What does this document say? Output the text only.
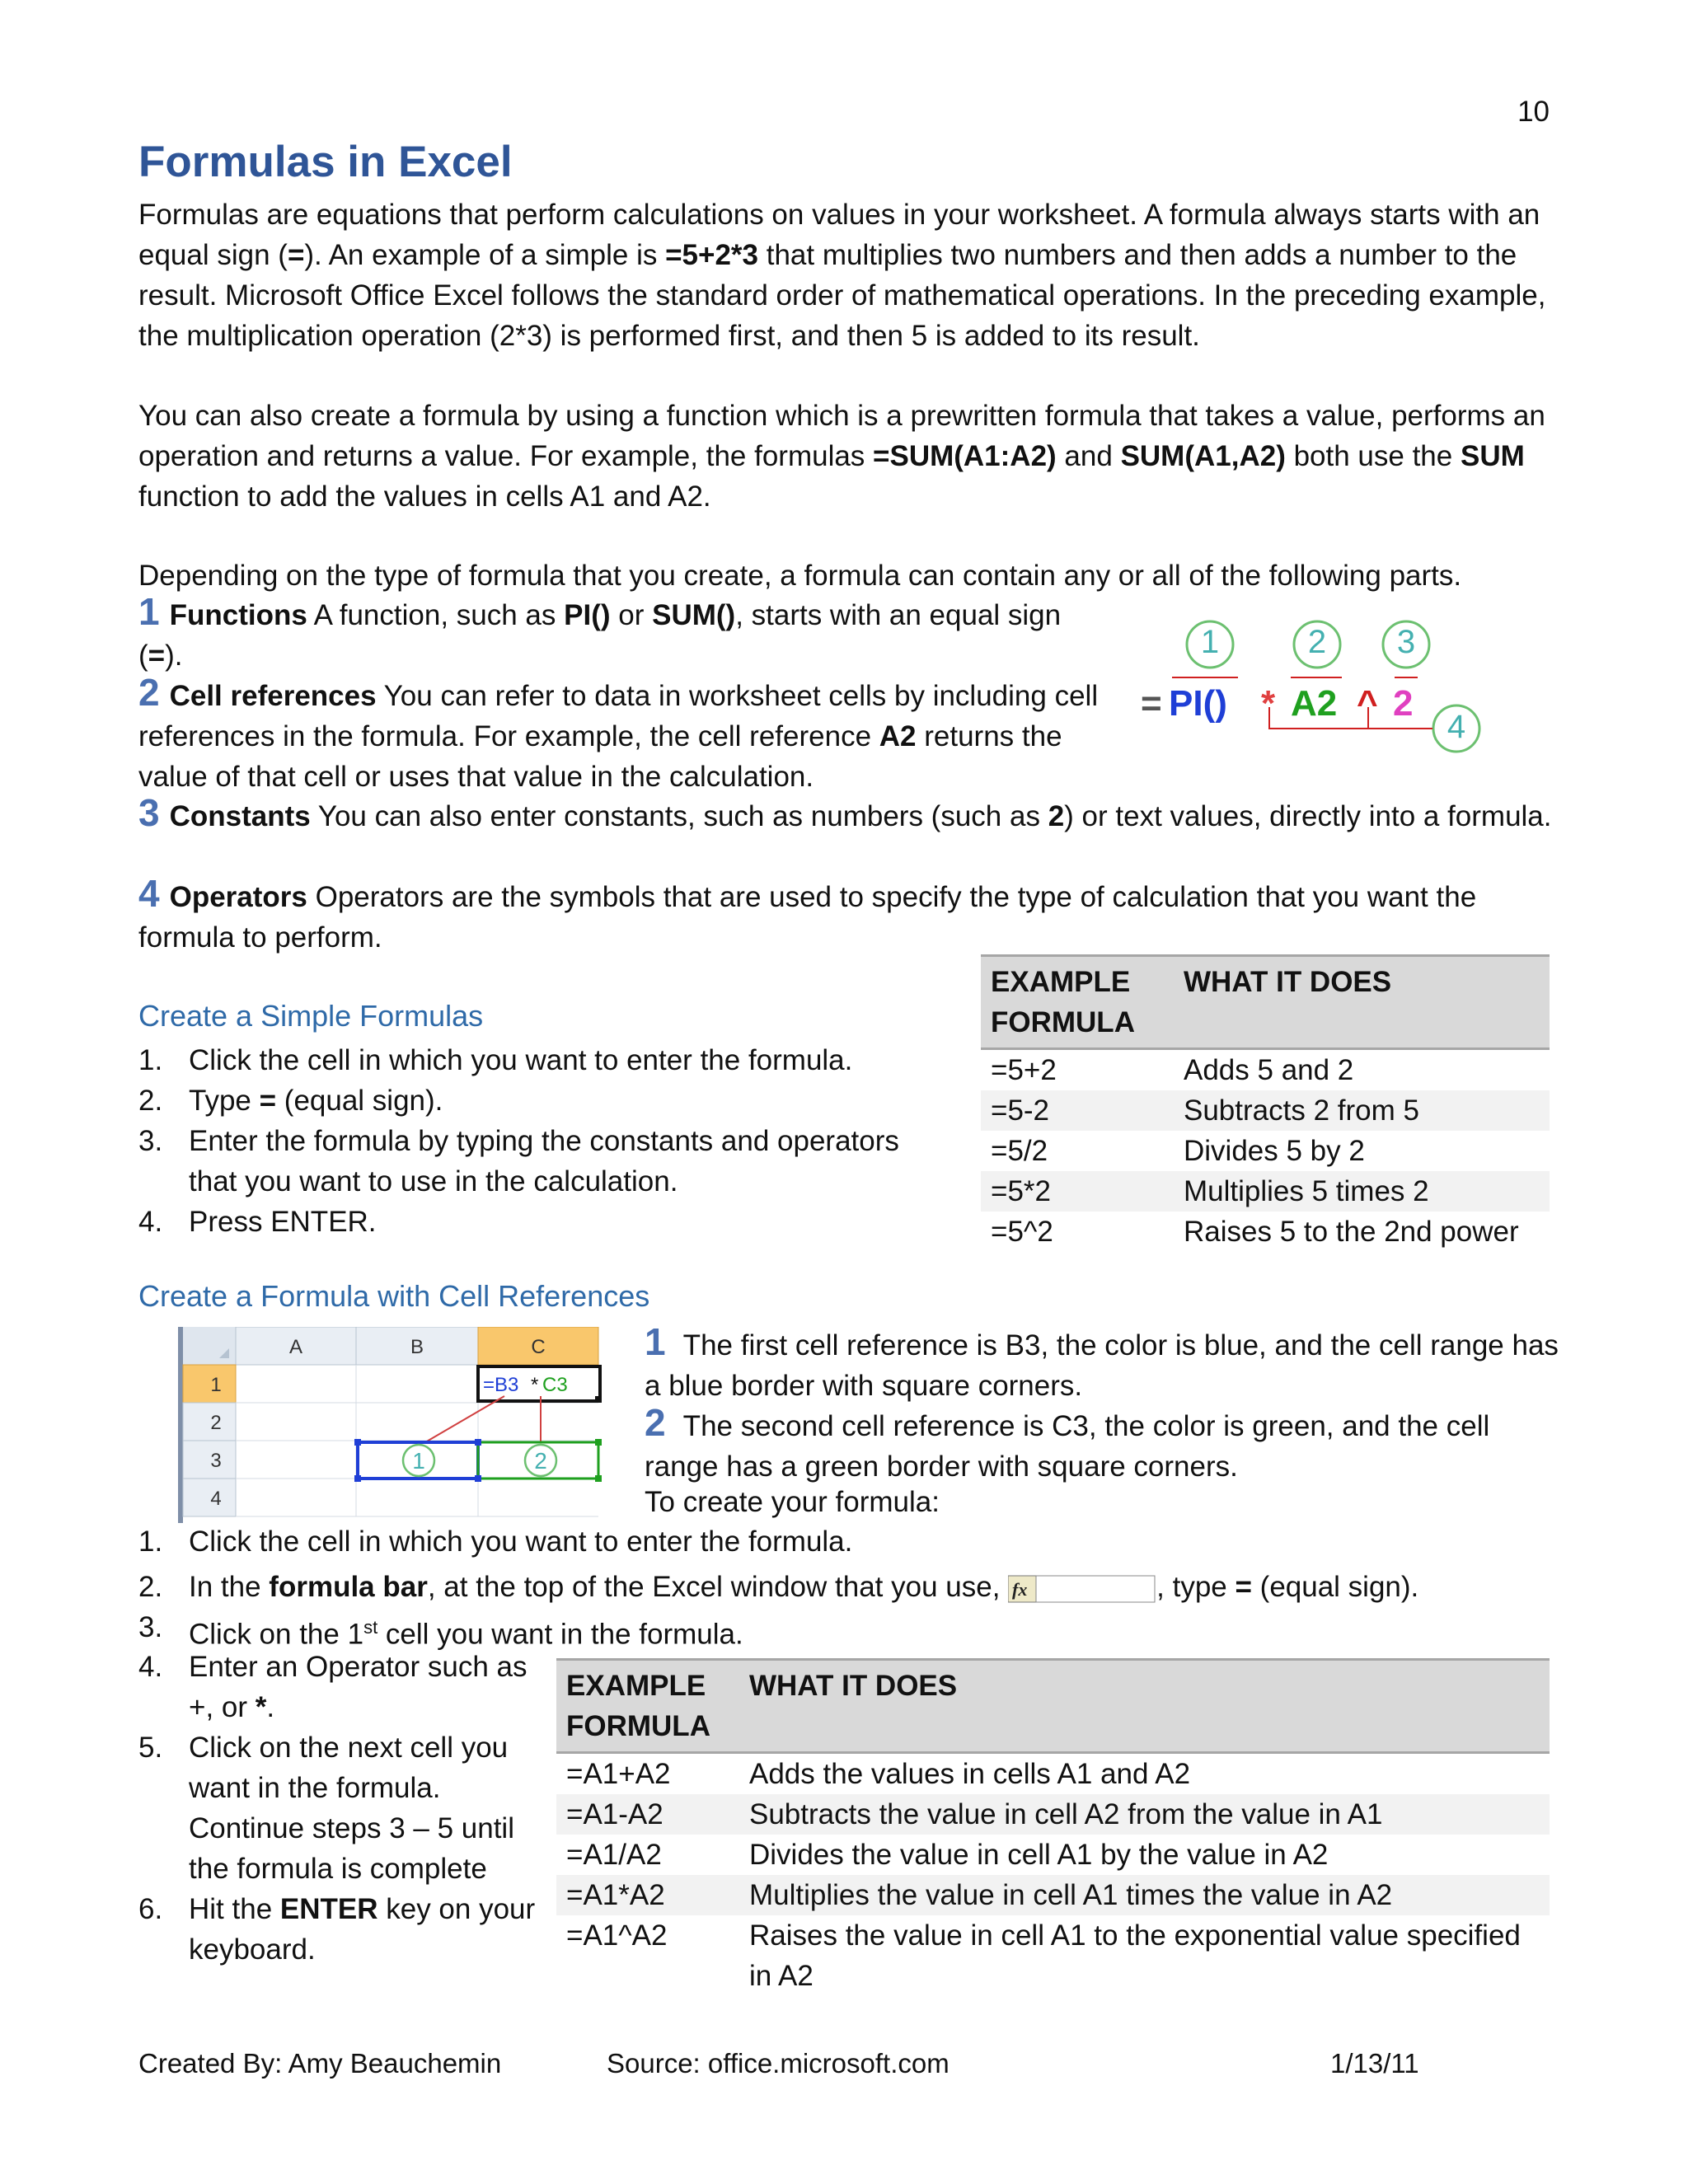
10
Formulas in Excel
Formulas are equations that perform calculations on values in your worksheet. A formula always starts with an equal sign (=). An example of a simple is =5+2*3 that multiplies two numbers and then adds a number to the result. Microsoft Office Excel follows the standard order of mathematical operations. In the preceding example, the multiplication operation (2*3) is performed first, and then 5 is added to its result.
You can also create a formula by using a function which is a prewritten formula that takes a value, performs an operation and returns a value. For example, the formulas =SUM(A1:A2) and SUM(A1,A2) both use the SUM function to add the values in cells A1 and A2.
Depending on the type of formula that you create, a formula can contain any or all of the following parts.
1 Functions A function, such as PI() or SUM(), starts with an equal sign (=).
2 Cell references You can refer to data in worksheet cells by including cell references in the formula. For example, the cell reference A2 returns the value of that cell or uses that value in the calculation.
3 Constants You can also enter constants, such as numbers (such as 2) or text values, directly into a formula.
4 Operators Operators are the symbols that are used to specify the type of calculation that you want the formula to perform.
1	2 3
4
= PI() * A2 ^ 2
Create a Simple Formulas
1. Click the cell in which you want to enter the formula.
2. Type = (equal sign).
3. Enter the formula by typing the constants and operators that you want to use in the calculation.
4. Press ENTER.
EXAMPLE FORMULA	WHAT IT DOES
=5+2	Adds 5 and 2
=5-2	Subtracts 2 from 5
=5/2	Divides 5 by 2
=5*2	Multiplies 5 times 2
=5^2	Raises 5 to the 2nd power
Create a Formula with Cell References
A	B	C
1
2
3
4
=B3 * C3
1	2
1 The first cell reference is B3, the color is blue, and the cell range has a blue border with square corners.
2 The second cell reference is C3, the color is green, and the cell range has a green border with square corners.
To create your formula:
1. Click the cell in which you want to enter the formula.
2. In the formula bar, at the top of the Excel window that you use, fx	, type = (equal sign).
3. Click on the 1st cell you want in the formula.
4. Enter an Operator such as +, or *.
5. Click on the next cell you want in the formula. Continue steps 3 – 5 until the formula is complete
6. Hit the ENTER key on your keyboard.
EXAMPLE FORMULA	WHAT IT DOES
=A1+A2	Adds the values in cells A1 and A2
=A1-A2	Subtracts the value in cell A2 from the value in A1
=A1/A2	Divides the value in cell A1 by the value in A2
=A1*A2	Multiplies the value in cell A1 times the value in A2
=A1^A2	Raises the value in cell A1 to the exponential value specified in A2
Created By: Amy Beauchemin	Source: office.microsoft.com	1/13/11
